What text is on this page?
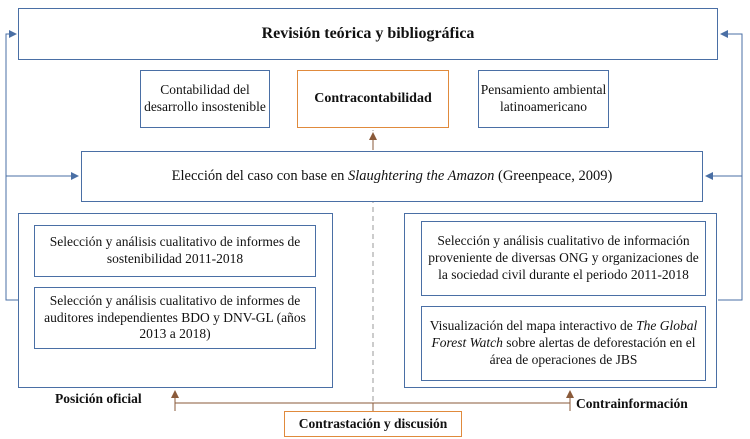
Revisión teórica y bibliográfica
Contabilidad del desarrollo insostenible
Contracontabilidad
Pensamiento ambiental latinoamericano
Elección del caso con base en Slaughtering the Amazon (Greenpeace, 2009)
Selección y análisis cualitativo de informes de sostenibilidad 2011-2018
Selección y análisis cualitativo de informes de auditores independientes BDO y DNV-GL (años 2013 a 2018)
Selección y análisis cualitativo de información proveniente de diversas ONG y organizaciones de la sociedad civil durante el periodo 2011-2018
Visualización del mapa interactivo de The Global Forest Watch sobre alertas de deforestación en el área de operaciones de JBS
Posición oficial	Contrainformación
Contrastación y discusión
